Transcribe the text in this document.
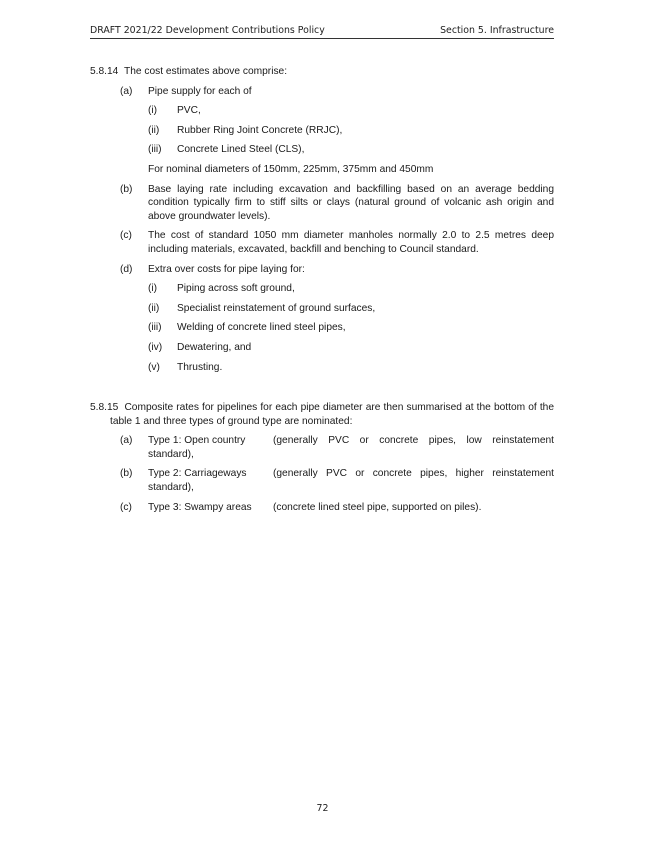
DRAFT 2021/22 Development Contributions Policy	Section 5. Infrastructure
5.8.14 The cost estimates above comprise:
(a) Pipe supply for each of
(i) PVC,
(ii) Rubber Ring Joint Concrete (RRJC),
(iii) Concrete Lined Steel (CLS),
For nominal diameters of 150mm, 225mm, 375mm and 450mm
(b) Base laying rate including excavation and backfilling based on an average bedding condition typically firm to stiff silts or clays (natural ground of volcanic ash origin and above groundwater levels).
(c) The cost of standard 1050 mm diameter manholes normally 2.0 to 2.5 metres deep including materials, excavated, backfill and benching to Council standard.
(d) Extra over costs for pipe laying for:
(i) Piping across soft ground,
(ii) Specialist reinstatement of ground surfaces,
(iii) Welding of concrete lined steel pipes,
(iv) Dewatering, and
(v) Thrusting.
5.8.15 Composite rates for pipelines for each pipe diameter are then summarised at the bottom of the table 1 and three types of ground type are nominated:
(a) Type 1: Open country	(generally PVC or concrete pipes, low reinstatement standard),
(b) Type 2: Carriageways	(generally PVC or concrete pipes, higher reinstatement standard),
(c) Type 3: Swampy areas	(concrete lined steel pipe, supported on piles).
72
